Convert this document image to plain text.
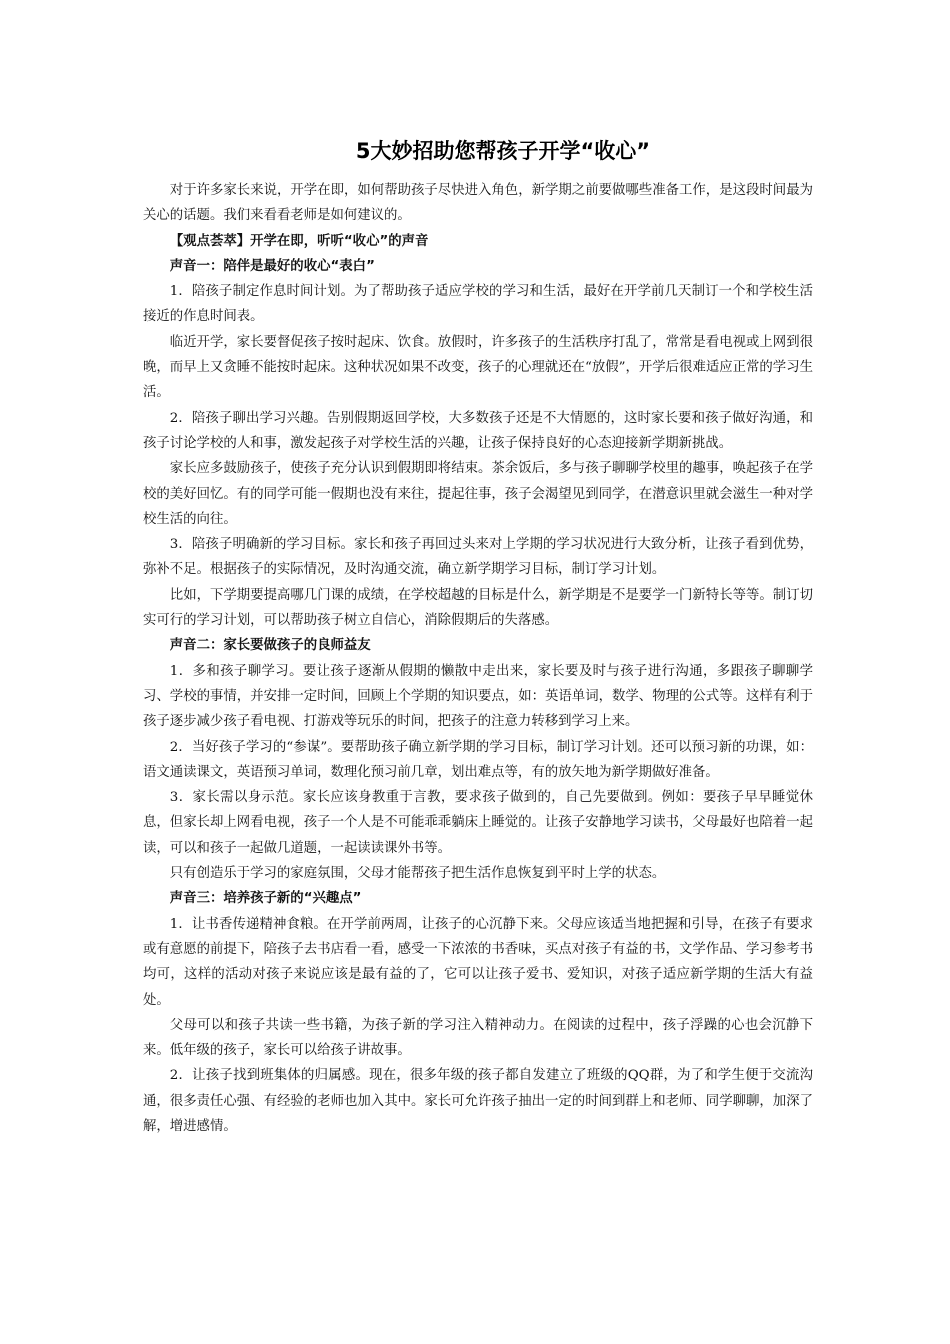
5大妙招助您帮孩子开学“收心”

对于许多家长来说，开学在即，如何帮助孩子尽快进入角色，新学期之前要做哪些准备工作，是这段时间最为关心的话题。我们来看看老师是如何建议的。

【观点荟萃】开学在即，听听“收心”的声音

声音一：陪伴是最好的收心“表白”

1．陪孩子制定作息时间计划。为了帮助孩子适应学校的学习和生活，最好在开学前几天制订一个和学校生活接近的作息时间表。

临近开学，家长要督促孩子按时起床、饮食。放假时，许多孩子的生活秩序打乱了，常常是看电视或上网到很晚，而早上又贪睡不能按时起床。这种状况如果不改变，孩子的心理就还在“放假”，开学后很难适应正常的学习生活。

2．陪孩子聊出学习兴趣。告别假期返回学校，大多数孩子还是不大情愿的，这时家长要和孩子做好沟通，和孩子讨论学校的人和事，激发起孩子对学校生活的兴趣，让孩子保持良好的心态迎接新学期新挑战。

家长应多鼓励孩子，使孩子充分认识到假期即将结束。茶余饭后，多与孩子聊聊学校里的趣事，唤起孩子在学校的美好回忆。有的同学可能一假期也没有来往，提起往事，孩子会渴望见到同学，在潜意识里就会滋生一种对学校生活的向往。

3．陪孩子明确新的学习目标。家长和孩子再回过头来对上学期的学习状况进行大致分析，让孩子看到优势，弥补不足。根据孩子的实际情况，及时沟通交流，确立新学期学习目标，制订学习计划。

比如，下学期要提高哪几门课的成绩，在学校超越的目标是什么，新学期是不是要学一门新特长等等。制订切实可行的学习计划，可以帮助孩子树立自信心，消除假期后的失落感。

声音二：家长要做孩子的良师益友

1．多和孩子聊学习。要让孩子逐渐从假期的懒散中走出来，家长要及时与孩子进行沟通，多跟孩子聊聊学习、学校的事情，并安排一定时间，回顾上个学期的知识要点，如：英语单词，数学、物理的公式等。这样有利于孩子逐步减少孩子看电视、打游戏等玩乐的时间，把孩子的注意力转移到学习上来。

2．当好孩子学习的“参谋”。要帮助孩子确立新学期的学习目标，制订学习计划。还可以预习新的功课，如：语文通读课文，英语预习单词，数理化预习前几章，划出难点等，有的放矢地为新学期做好准备。

3．家长需以身示范。家长应该身教重于言教，要求孩子做到的，自己先要做到。例如：要孩子早早睡觉休息，但家长却上网看电视，孩子一个人是不可能乖乖躺床上睡觉的。让孩子安静地学习读书，父母最好也陪着一起读，可以和孩子一起做几道题，一起读读课外书等。

只有创造乐于学习的家庭氛围，父母才能帮孩子把生活作息恢复到平时上学的状态。

声音三：培养孩子新的“兴趣点”

1．让书香传递精神食粮。在开学前两周，让孩子的心沉静下来。父母应该适当地把握和引导，在孩子有要求或有意愿的前提下，陪孩子去书店看一看，感受一下浓浓的书香味，买点对孩子有益的书，文学作品、学习参考书均可，这样的活动对孩子来说应该是最有益的了，它可以让孩子爱书、爱知识，对孩子适应新学期的生活大有益处。

父母可以和孩子共读一些书籍，为孩子新的学习注入精神动力。在阅读的过程中，孩子浮躁的心也会沉静下来。低年级的孩子，家长可以给孩子讲故事。

2．让孩子找到班集体的归属感。现在，很多年级的孩子都自发建立了班级的QQ群，为了和学生便于交流沟通，很多责任心强、有经验的老师也加入其中。家长可允许孩子抽出一定的时间到群上和老师、同学聊聊，加深了解，增进感情。
